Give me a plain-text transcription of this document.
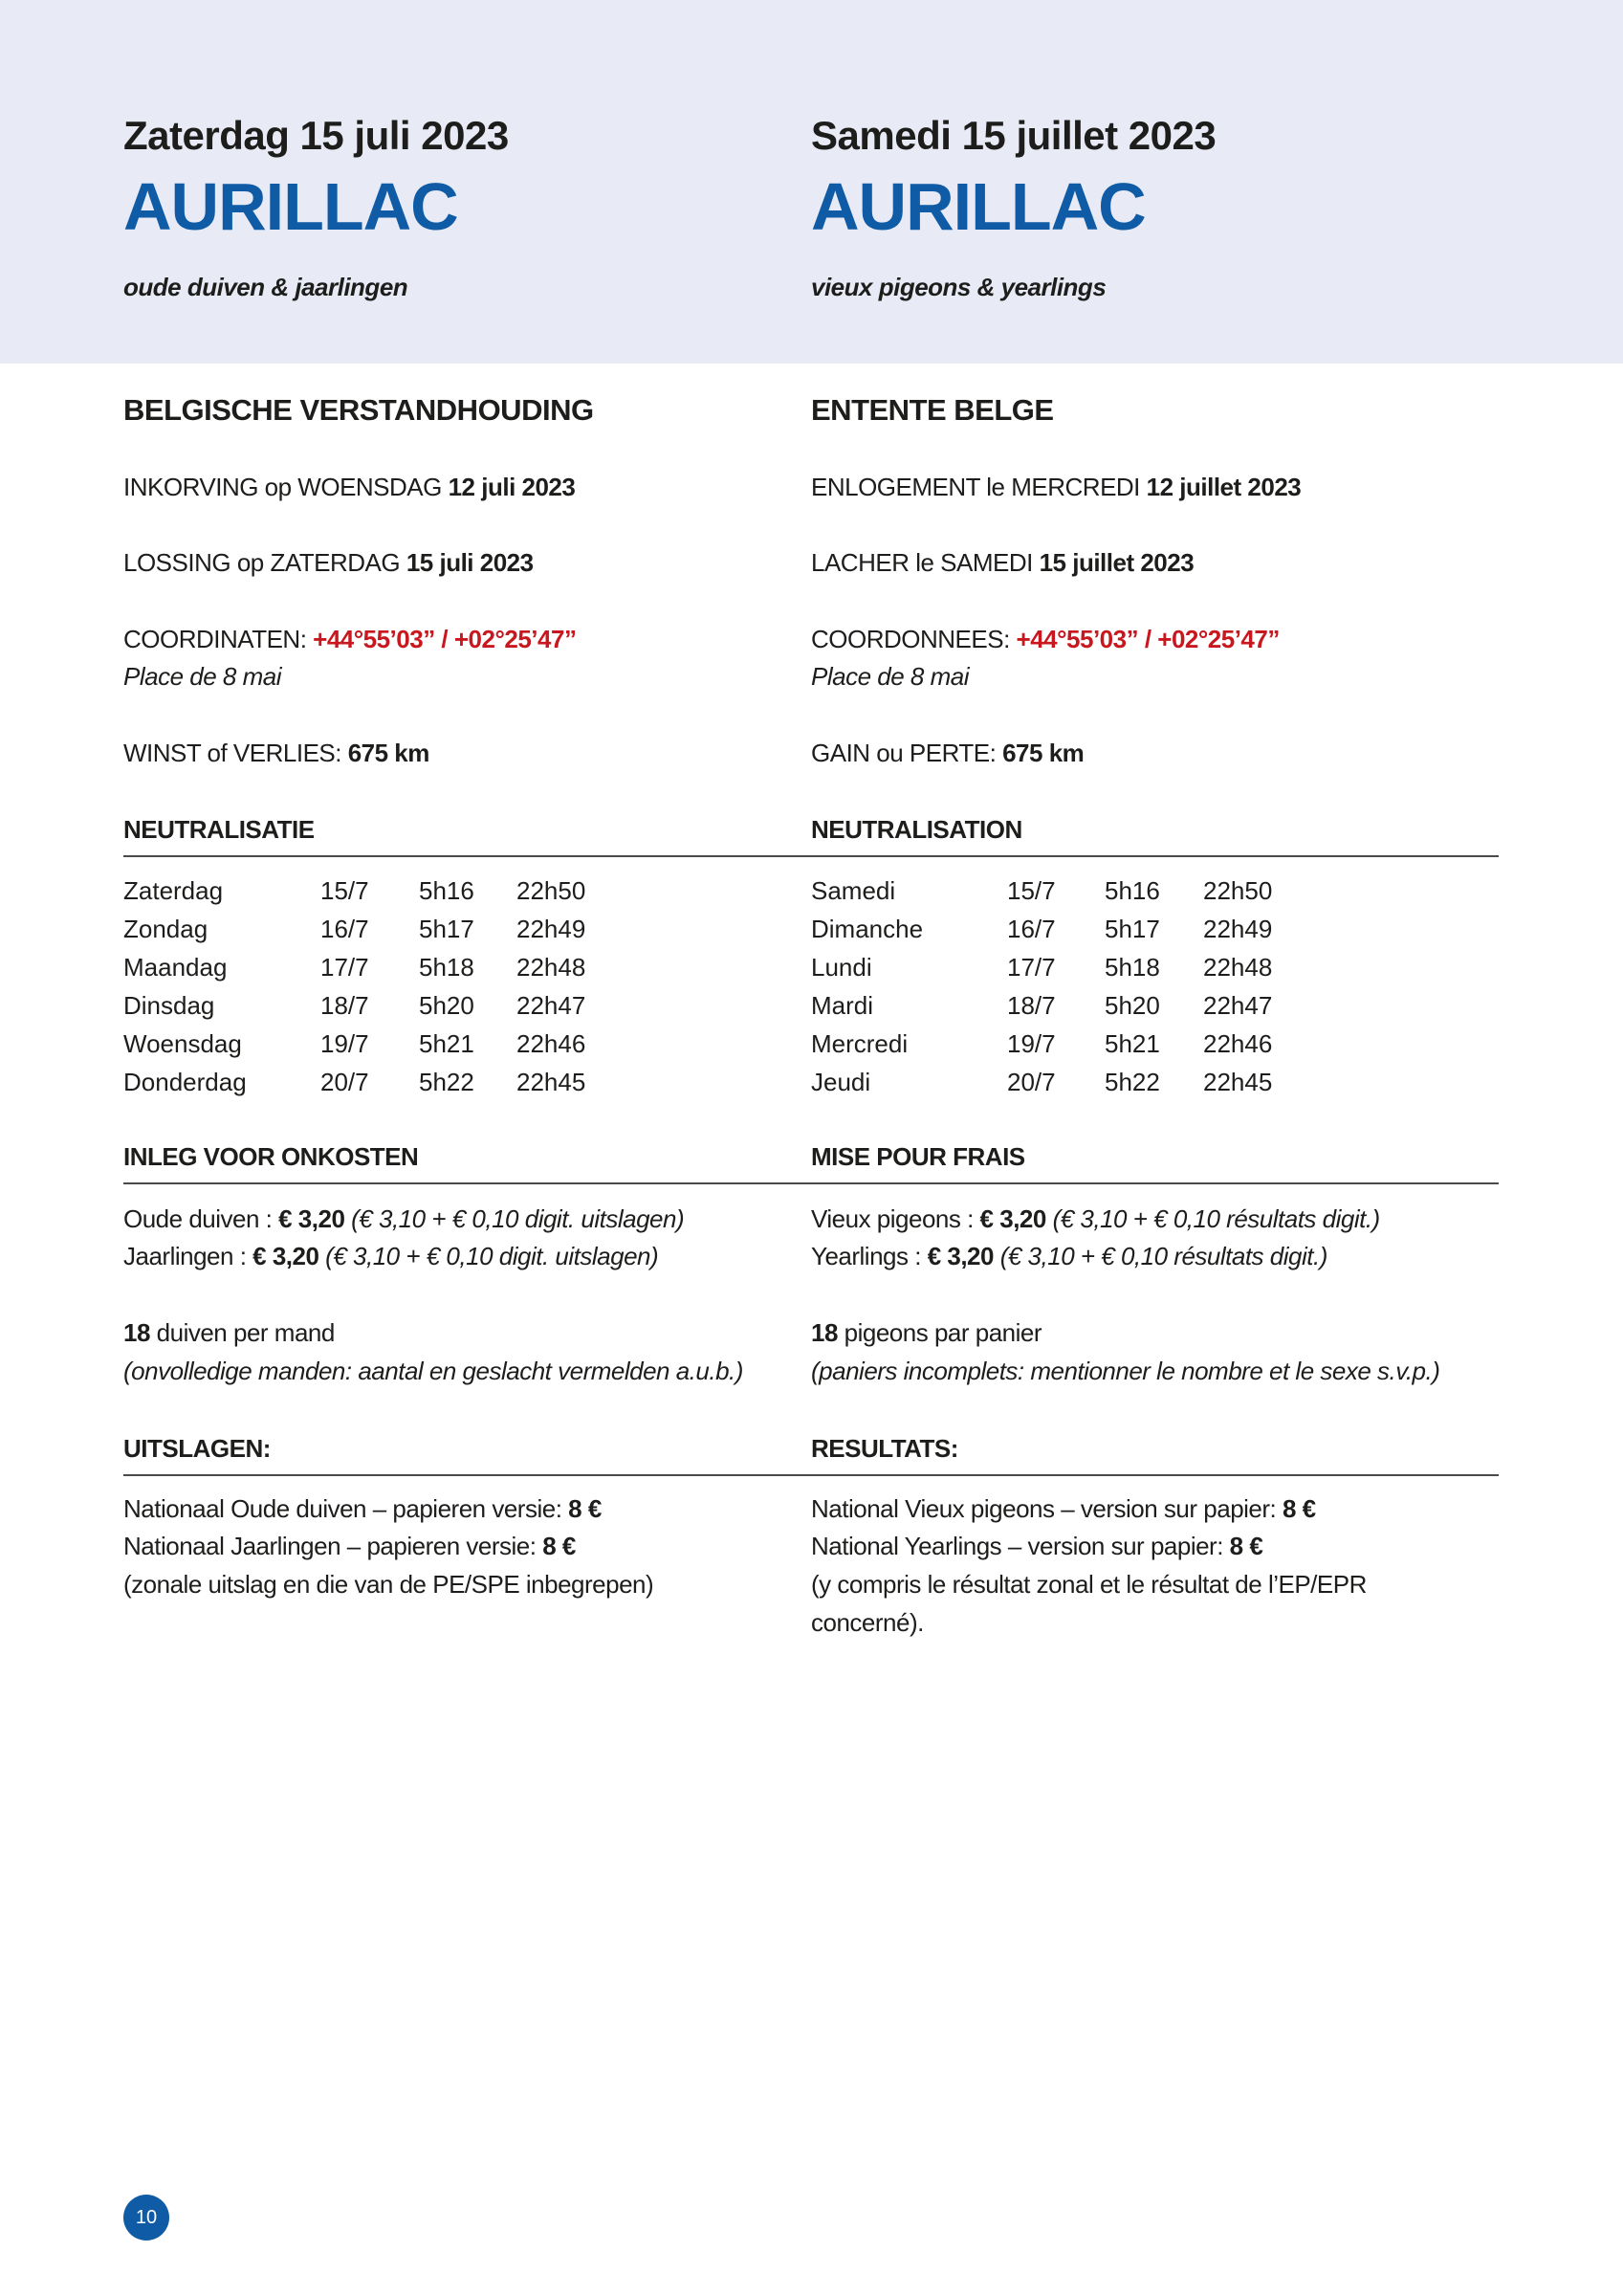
Zaterdag 15 juli 2023
AURILLAC
oude duiven & jaarlingen
BELGISCHE VERSTANDHOUDING
INKORVING op WOENSDAG 12 juli 2023
LOSSING op ZATERDAG 15 juli 2023
COORDINATEN: +44°55’03” / +02°25’47”
Place de 8 mai
WINST of VERLIES: 675 km
NEUTRALISATIE
Zaterdag	15/7 5h16 22h50
Zondag	16/7 5h17 22h49
Maandag	17/7 5h18 22h48
Dinsdag	18/7 5h20 22h47
Woensdag	19/7 5h21 22h46
Donderdag	20/7 5h22 22h45
INLEG VOOR ONKOSTEN
Oude duiven : € 3,20 (€ 3,10 + € 0,10 digit. uitslagen)
Jaarlingen : € 3,20 (€ 3,10 + € 0,10 digit. uitslagen)
18 duiven per mand
(onvolledige manden: aantal en geslacht vermelden a.u.b.)
UITSLAGEN:
Nationaal Oude duiven – papieren versie: 8 €
Nationaal Jaarlingen – papieren versie: 8 €
(zonale uitslag en die van de PE/SPE inbegrepen)
Samedi 15 juillet 2023
AURILLAC
vieux pigeons & yearlings
ENTENTE BELGE
ENLOGEMENT le MERCREDI 12 juillet 2023
LACHER le SAMEDI 15 juillet 2023
COORDONNEES: +44°55’03” / +02°25’47”
Place de 8 mai
GAIN ou PERTE: 675 km
NEUTRALISATION
Samedi	15/7 5h16 22h50
Dimanche	16/7 5h17 22h49
Lundi	17/7 5h18 22h48
Mardi	18/7 5h20 22h47
Mercredi	19/7 5h21 22h46
Jeudi	20/7 5h22 22h45
MISE POUR FRAIS
Vieux pigeons : € 3,20 (€ 3,10 + € 0,10 résultats digit.)
Yearlings : € 3,20 (€ 3,10 + € 0,10 résultats digit.)
18 pigeons par panier
(paniers incomplets: mentionner le nombre et le sexe s.v.p.)
RESULTATS:
National Vieux pigeons – version sur papier: 8 €
National Yearlings – version sur papier: 8 €
(y compris le résultat zonal et le résultat de l’EP/EPR
concerné).
10
